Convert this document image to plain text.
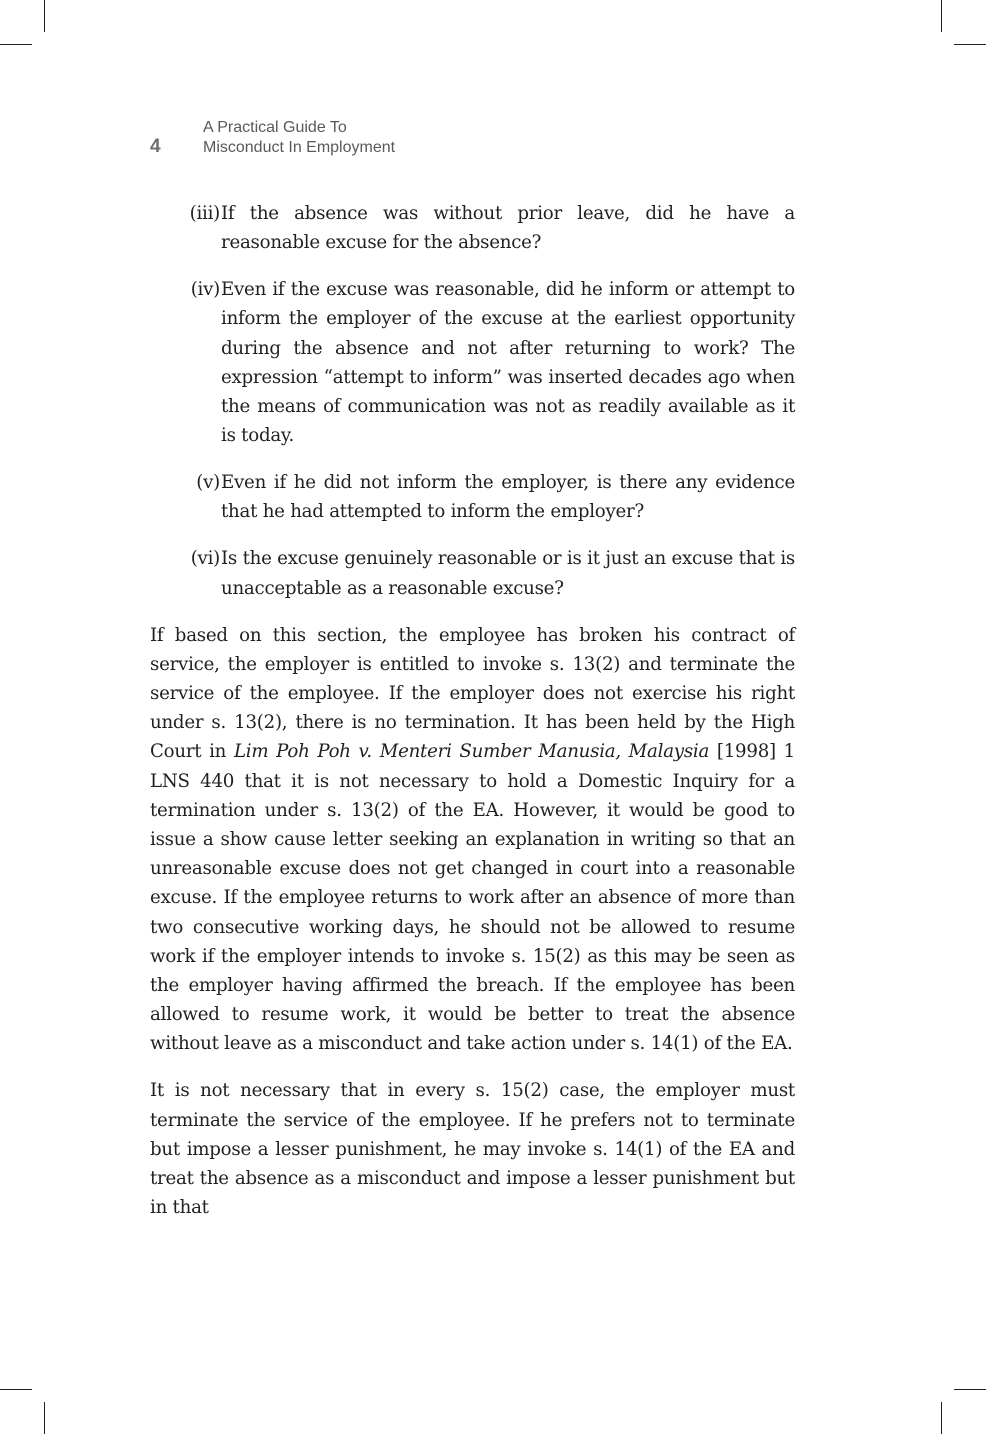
4
A Practical Guide To
Misconduct In Employment
(iii) If the absence was without prior leave, did he have a reasonable excuse for the absence?
(iv) Even if the excuse was reasonable, did he inform or attempt to inform the employer of the excuse at the earliest opportunity during the absence and not after returning to work? The expression “attempt to inform” was inserted decades ago when the means of communication was not as readily available as it is today.
(v) Even if he did not inform the employer, is there any evidence that he had attempted to inform the employer?
(vi) Is the excuse genuinely reasonable or is it just an excuse that is unacceptable as a reasonable excuse?

If based on this section, the employee has broken his contract of service, the employer is entitled to invoke s. 13(2) and terminate the service of the employee. If the employer does not exercise his right under s. 13(2), there is no termination. It has been held by the High Court in Lim Poh Poh v. Menteri Sumber Manusia, Malaysia [1998] 1 LNS 440 that it is not necessary to hold a Domestic Inquiry for a termination under s. 13(2) of the EA. However, it would be good to issue a show cause letter seeking an explanation in writing so that an unreasonable excuse does not get changed in court into a reasonable excuse. If the employee returns to work after an absence of more than two consecutive working days, he should not be allowed to resume work if the employer intends to invoke s. 15(2) as this may be seen as the employer having affirmed the breach. If the employee has been allowed to resume work, it would be better to treat the absence without leave as a misconduct and take action under s. 14(1) of the EA.

It is not necessary that in every s. 15(2) case, the employer must terminate the service of the employee. If he prefers not to terminate but impose a lesser punishment, he may invoke s. 14(1) of the EA and treat the absence as a misconduct and impose a lesser punishment but in that
